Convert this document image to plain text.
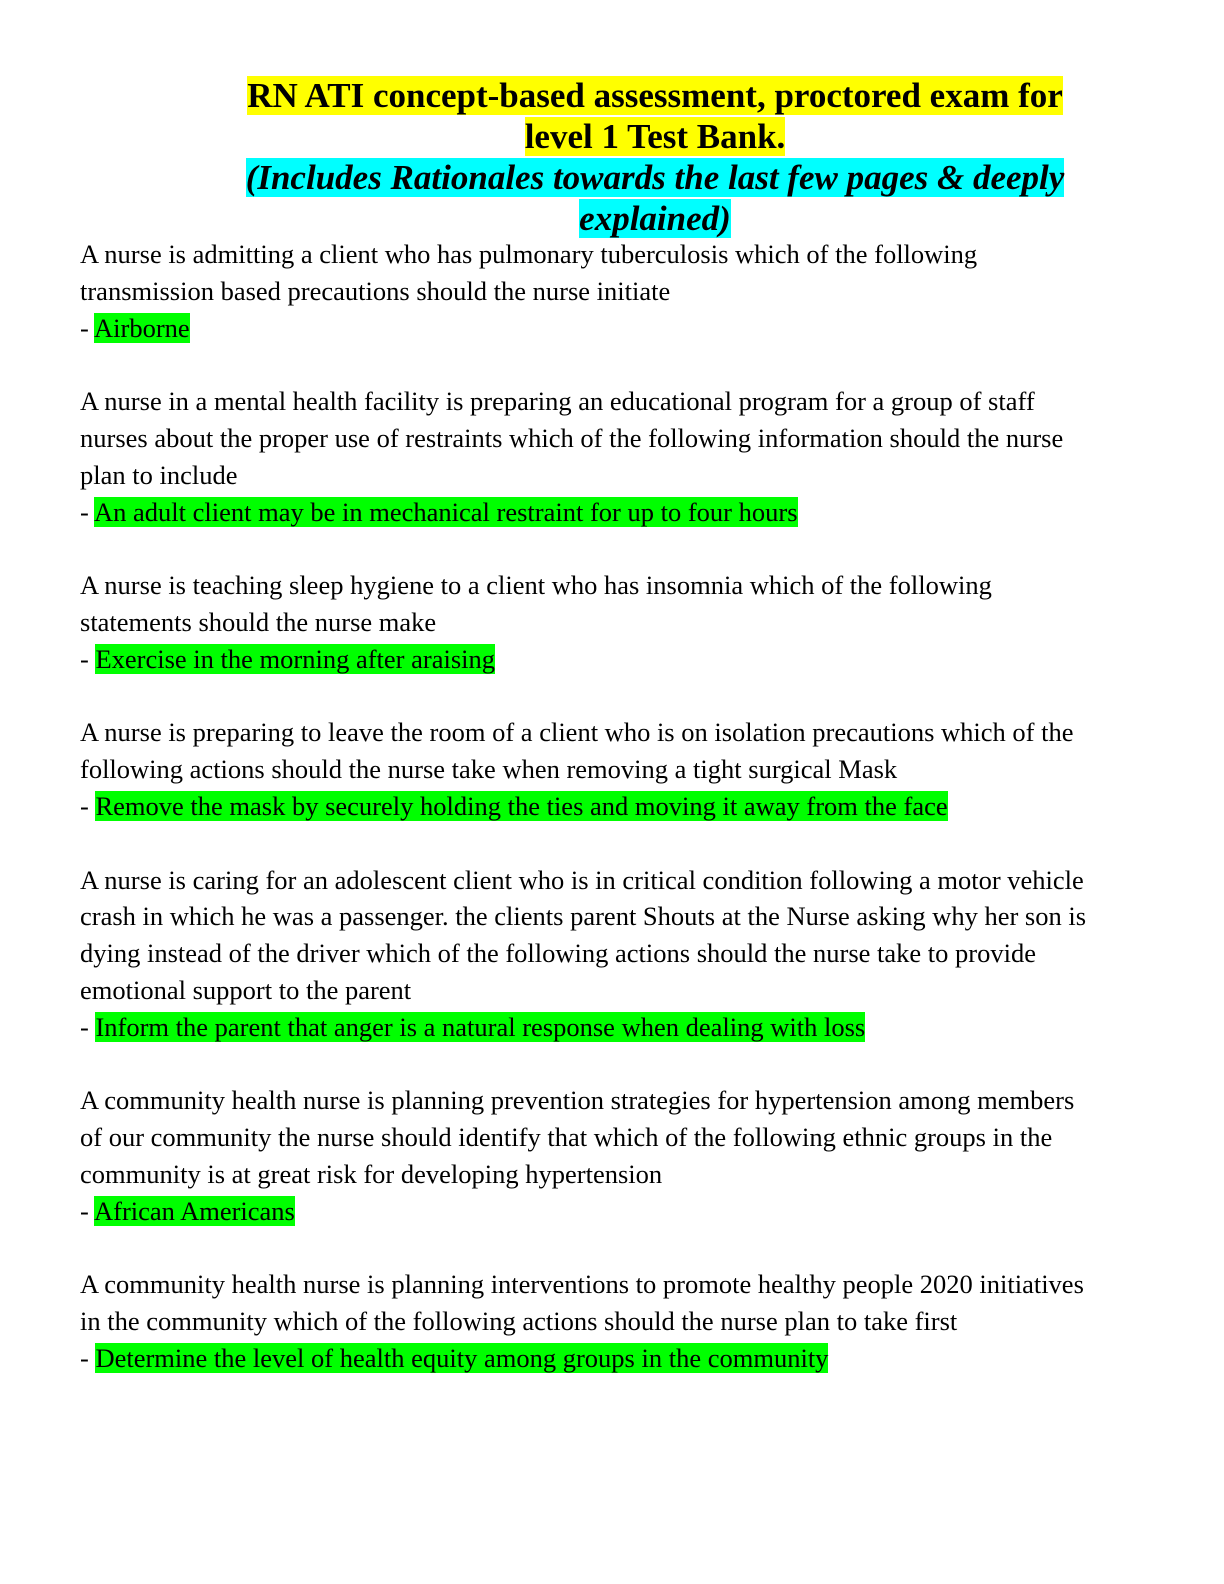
RN ATI concept-based assessment, proctored exam for
level 1 Test Bank.
(Includes Rationales towards the last few pages & deeply
explained)

A nurse is admitting a client who has pulmonary tuberculosis which of the following transmission based precautions should the nurse initiate

- Airborne

A nurse in a mental health facility is preparing an educational program for a group of staff nurses about the proper use of restraints which of the following information should the nurse plan to include

- An adult client may be in mechanical restraint for up to four hours

A nurse is teaching sleep hygiene to a client who has insomnia which of the following statements should the nurse make

- Exercise in the morning after araising

A nurse is preparing to leave the room of a client who is on isolation precautions which of the following actions should the nurse take when removing a tight surgical Mask

- Remove the mask by securely holding the ties and moving it away from the face

A nurse is caring for an adolescent client who is in critical condition following a motor vehicle crash in which he was a passenger. the clients parent Shouts at the Nurse asking why her son is dying instead of the driver which of the following actions should the nurse take to provide emotional support to the parent

- Inform the parent that anger is a natural response when dealing with loss

A community health nurse is planning prevention strategies for hypertension among members of our community the nurse should identify that which of the following ethnic groups in the community is at great risk for developing hypertension

- African Americans

A community health nurse is planning interventions to promote healthy people 2020 initiatives in the community which of the following actions should the nurse plan to take first

- Determine the level of health equity among groups in the community
